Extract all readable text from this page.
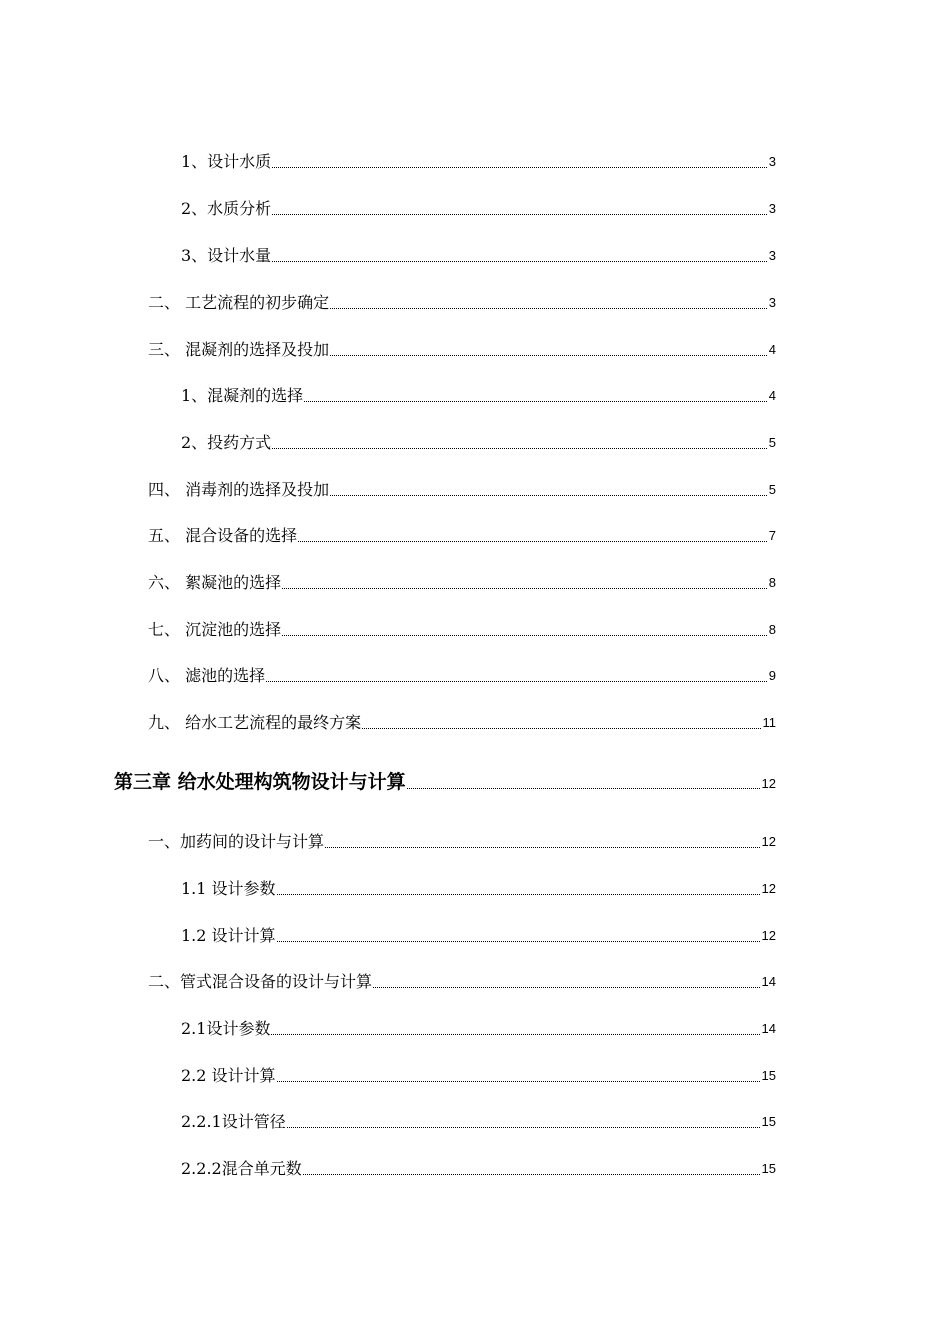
1、设计水质	3
2、水质分析	3
3、设计水量	3
二、 工艺流程的初步确定	3
三、 混凝剂的选择及投加	4
1、混凝剂的选择	4
2、投药方式	5
四、 消毒剂的选择及投加	5
五、 混合设备的选择	7
六、 絮凝池的选择	8
七、 沉淀池的选择	8
八、 滤池的选择	9
九、 给水工艺流程的最终方案	11
第三章 给水处理构筑物设计与计算	12
一、加药间的设计与计算	12
1.1 设计参数	12
1.2 设计计算	12
二、管式混合设备的设计与计算	14
2.1设计参数	14
2.2 设计计算	15
2.2.1设计管径	15
2.2.2混合单元数	15
